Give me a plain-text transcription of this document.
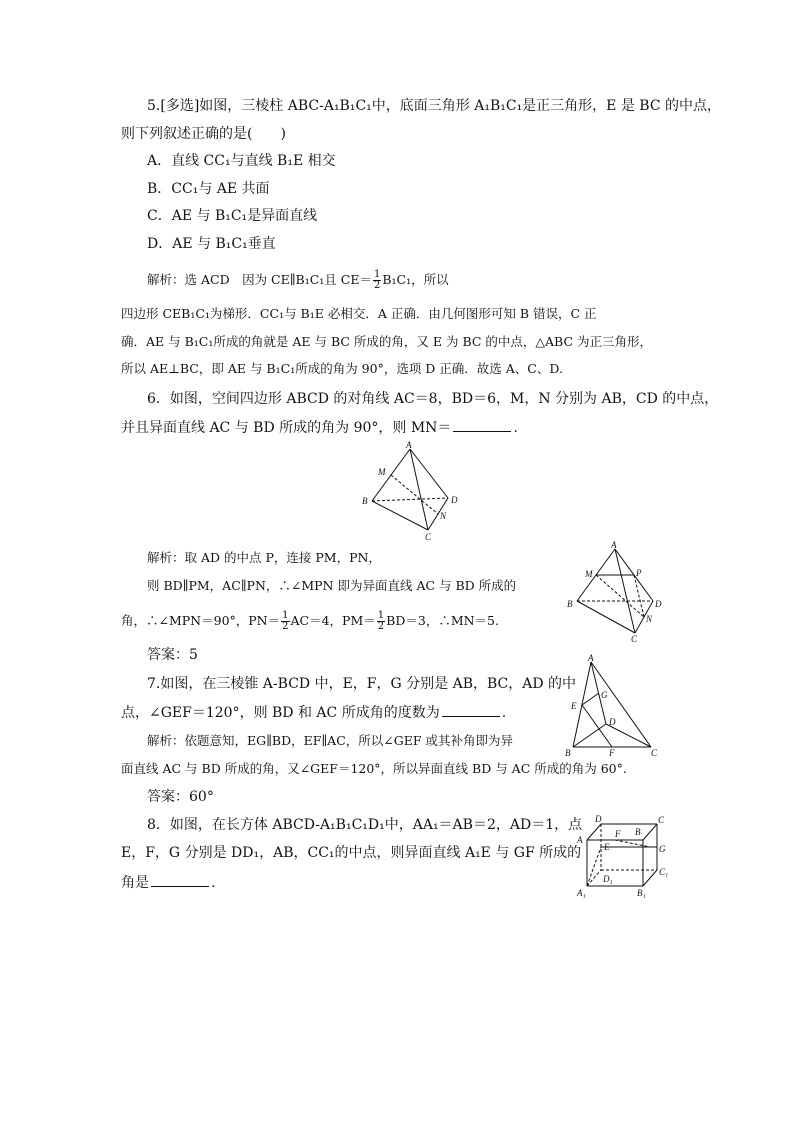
5.[多选]如图，三棱柱 ABC-A₁B₁C₁中，底面三角形 A₁B₁C₁是正三角形，E 是 BC 的中点，
则下列叙述正确的是(　　)
A．直线 CC₁与直线 B₁E 相交
B．CC₁与 AE 共面
C．AE 与 B₁C₁是异面直线
D．AE 与 B₁C₁垂直
解析：选 ACD　因为 CE∥B₁C₁且 $CE= \frac{1}{2} B_1C_1$，所以
四边形 CEB₁C₁为梯形．CC₁与 B₁E 必相交．A 正确．由几何图形可知 B 错误，C 正
确．AE 与 B₁C₁所成的角就是 AE 与 BC 所成的角，又 E 为 BC 的中点，△ABC 为正三角形，
所以 AE⊥BC，即 AE 与 B₁C₁所成的角为 90°，选项 D 正确．故选 A、C、D.
6．如图，空间四边形 ABCD 的对角线 AC＝8，BD＝6，M，N 分别为 AB，CD 的中点，
并且异面直线 AC 与 BD 所成的角为 90°，则 MN＝	.
A
M
B	D
N
C
解析：取 AD 的中点 P，连接 PM，PN，
则 BD∥PM，AC∥PN，∴∠MPN 即为异面直线 AC 与 BD 所成的
角，∴∠MPN＝90°，$PN= \frac{1}{2} AC=4$，$PM= \frac{1}{2} BD=3$，∴MN＝5.
A
M	P
B	D
N
C
答案：5
7.如图，在三棱锥 A-BCD 中，E，F，G 分别是 AB，BC，AD 的中
点，∠GEF＝120°，则 BD 和 AC 所成角的度数为	.
解析：依题意知，EG∥BD，EF∥AC，所以∠GEF 或其补角即为异
面直线 AC 与 BD 所成的角，又∠GEF＝120°，所以异面直线 BD 与 AC 所成的角为 60°.
A
G
E
D
B	F	C
答案：60°
8．如图，在长方体 ABCD-A₁B₁C₁D₁中，AA₁＝AB＝2，AD＝1，点
E，F，G 分别是 DD₁，AB，CC₁的中点，则异面直线 A₁E 与 GF 所成的
角是	.
D
F
C
A
E
B
G
D₁
C₁
A₁	B₁
